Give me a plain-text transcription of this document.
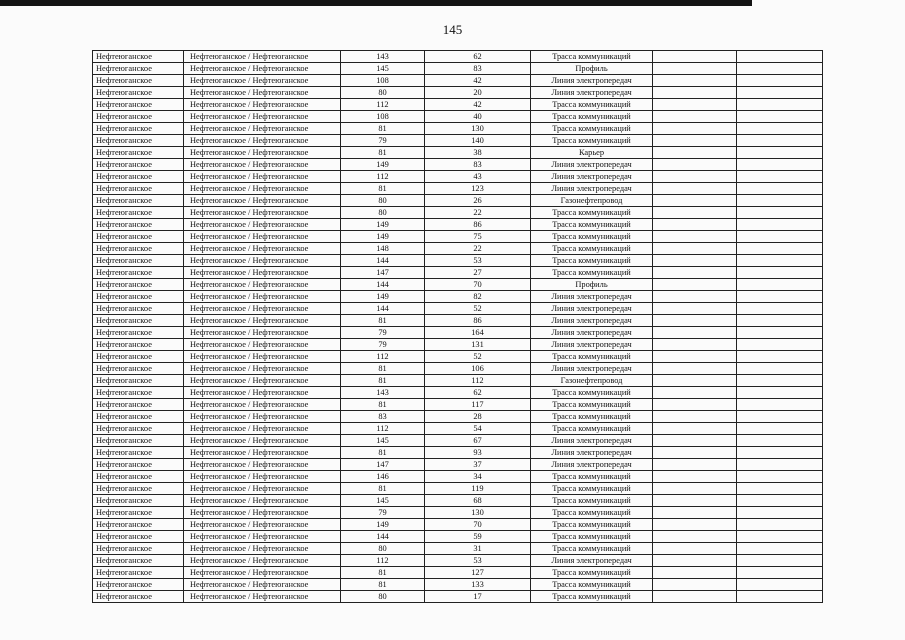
145
Нефтеюганское	Нефтеюганское / Нефтеюганское	143	62	Трасса коммуникаций		
Нефтеюганское	Нефтеюганское / Нефтеюганское	145	83	Профиль		
Нефтеюганское	Нефтеюганское / Нефтеюганское	108	42	Линия электропередач		
Нефтеюганское	Нефтеюганское / Нефтеюганское	80	20	Линия электропередач		
Нефтеюганское	Нефтеюганское / Нефтеюганское	112	42	Трасса коммуникаций		
Нефтеюганское	Нефтеюганское / Нефтеюганское	108	40	Трасса коммуникаций		
Нефтеюганское	Нефтеюганское / Нефтеюганское	81	130	Трасса коммуникаций		
Нефтеюганское	Нефтеюганское / Нефтеюганское	79	140	Трасса коммуникаций		
Нефтеюганское	Нефтеюганское / Нефтеюганское	81	38	Карьер		
Нефтеюганское	Нефтеюганское / Нефтеюганское	149	83	Линия электропередач		
Нефтеюганское	Нефтеюганское / Нефтеюганское	112	43	Линия электропередач		
Нефтеюганское	Нефтеюганское / Нефтеюганское	81	123	Линия электропередач		
Нефтеюганское	Нефтеюганское / Нефтеюганское	80	26	Газонефтепровод		
Нефтеюганское	Нефтеюганское / Нефтеюганское	80	22	Трасса коммуникаций		
Нефтеюганское	Нефтеюганское / Нефтеюганское	149	86	Трасса коммуникаций		
Нефтеюганское	Нефтеюганское / Нефтеюганское	149	75	Трасса коммуникаций		
Нефтеюганское	Нефтеюганское / Нефтеюганское	148	22	Трасса коммуникаций		
Нефтеюганское	Нефтеюганское / Нефтеюганское	144	53	Трасса коммуникаций		
Нефтеюганское	Нефтеюганское / Нефтеюганское	147	27	Трасса коммуникаций		
Нефтеюганское	Нефтеюганское / Нефтеюганское	144	70	Профиль		
Нефтеюганское	Нефтеюганское / Нефтеюганское	149	82	Линия электропередач		
Нефтеюганское	Нефтеюганское / Нефтеюганское	144	52	Линия электропередач		
Нефтеюганское	Нефтеюганское / Нефтеюганское	81	86	Линия электропередач		
Нефтеюганское	Нефтеюганское / Нефтеюганское	79	164	Линия электропередач		
Нефтеюганское	Нефтеюганское / Нефтеюганское	79	131	Линия электропередач		
Нефтеюганское	Нефтеюганское / Нефтеюганское	112	52	Трасса коммуникаций		
Нефтеюганское	Нефтеюганское / Нефтеюганское	81	106	Линия электропередач		
Нефтеюганское	Нефтеюганское / Нефтеюганское	81	112	Газонефтепровод		
Нефтеюганское	Нефтеюганское / Нефтеюганское	143	62	Трасса коммуникаций		
Нефтеюганское	Нефтеюганское / Нефтеюганское	81	117	Трасса коммуникаций		
Нефтеюганское	Нефтеюганское / Нефтеюганское	83	28	Трасса коммуникаций		
Нефтеюганское	Нефтеюганское / Нефтеюганское	112	54	Трасса коммуникаций		
Нефтеюганское	Нефтеюганское / Нефтеюганское	145	67	Линия электропередач		
Нефтеюганское	Нефтеюганское / Нефтеюганское	81	93	Линия электропередач		
Нефтеюганское	Нефтеюганское / Нефтеюганское	147	37	Линия электропередач		
Нефтеюганское	Нефтеюганское / Нефтеюганское	146	34	Трасса коммуникаций		
Нефтеюганское	Нефтеюганское / Нефтеюганское	81	119	Трасса коммуникаций		
Нефтеюганское	Нефтеюганское / Нефтеюганское	145	68	Трасса коммуникаций		
Нефтеюганское	Нефтеюганское / Нефтеюганское	79	130	Трасса коммуникаций		
Нефтеюганское	Нефтеюганское / Нефтеюганское	149	70	Трасса коммуникаций		
Нефтеюганское	Нефтеюганское / Нефтеюганское	144	59	Трасса коммуникаций		
Нефтеюганское	Нефтеюганское / Нефтеюганское	80	31	Трасса коммуникаций		
Нефтеюганское	Нефтеюганское / Нефтеюганское	112	53	Линия электропередач		
Нефтеюганское	Нефтеюганское / Нефтеюганское	81	127	Трасса коммуникаций		
Нефтеюганское	Нефтеюганское / Нефтеюганское	81	133	Трасса коммуникаций		
Нефтеюганское	Нефтеюганское / Нефтеюганское	80	17	Трасса коммуникаций		
